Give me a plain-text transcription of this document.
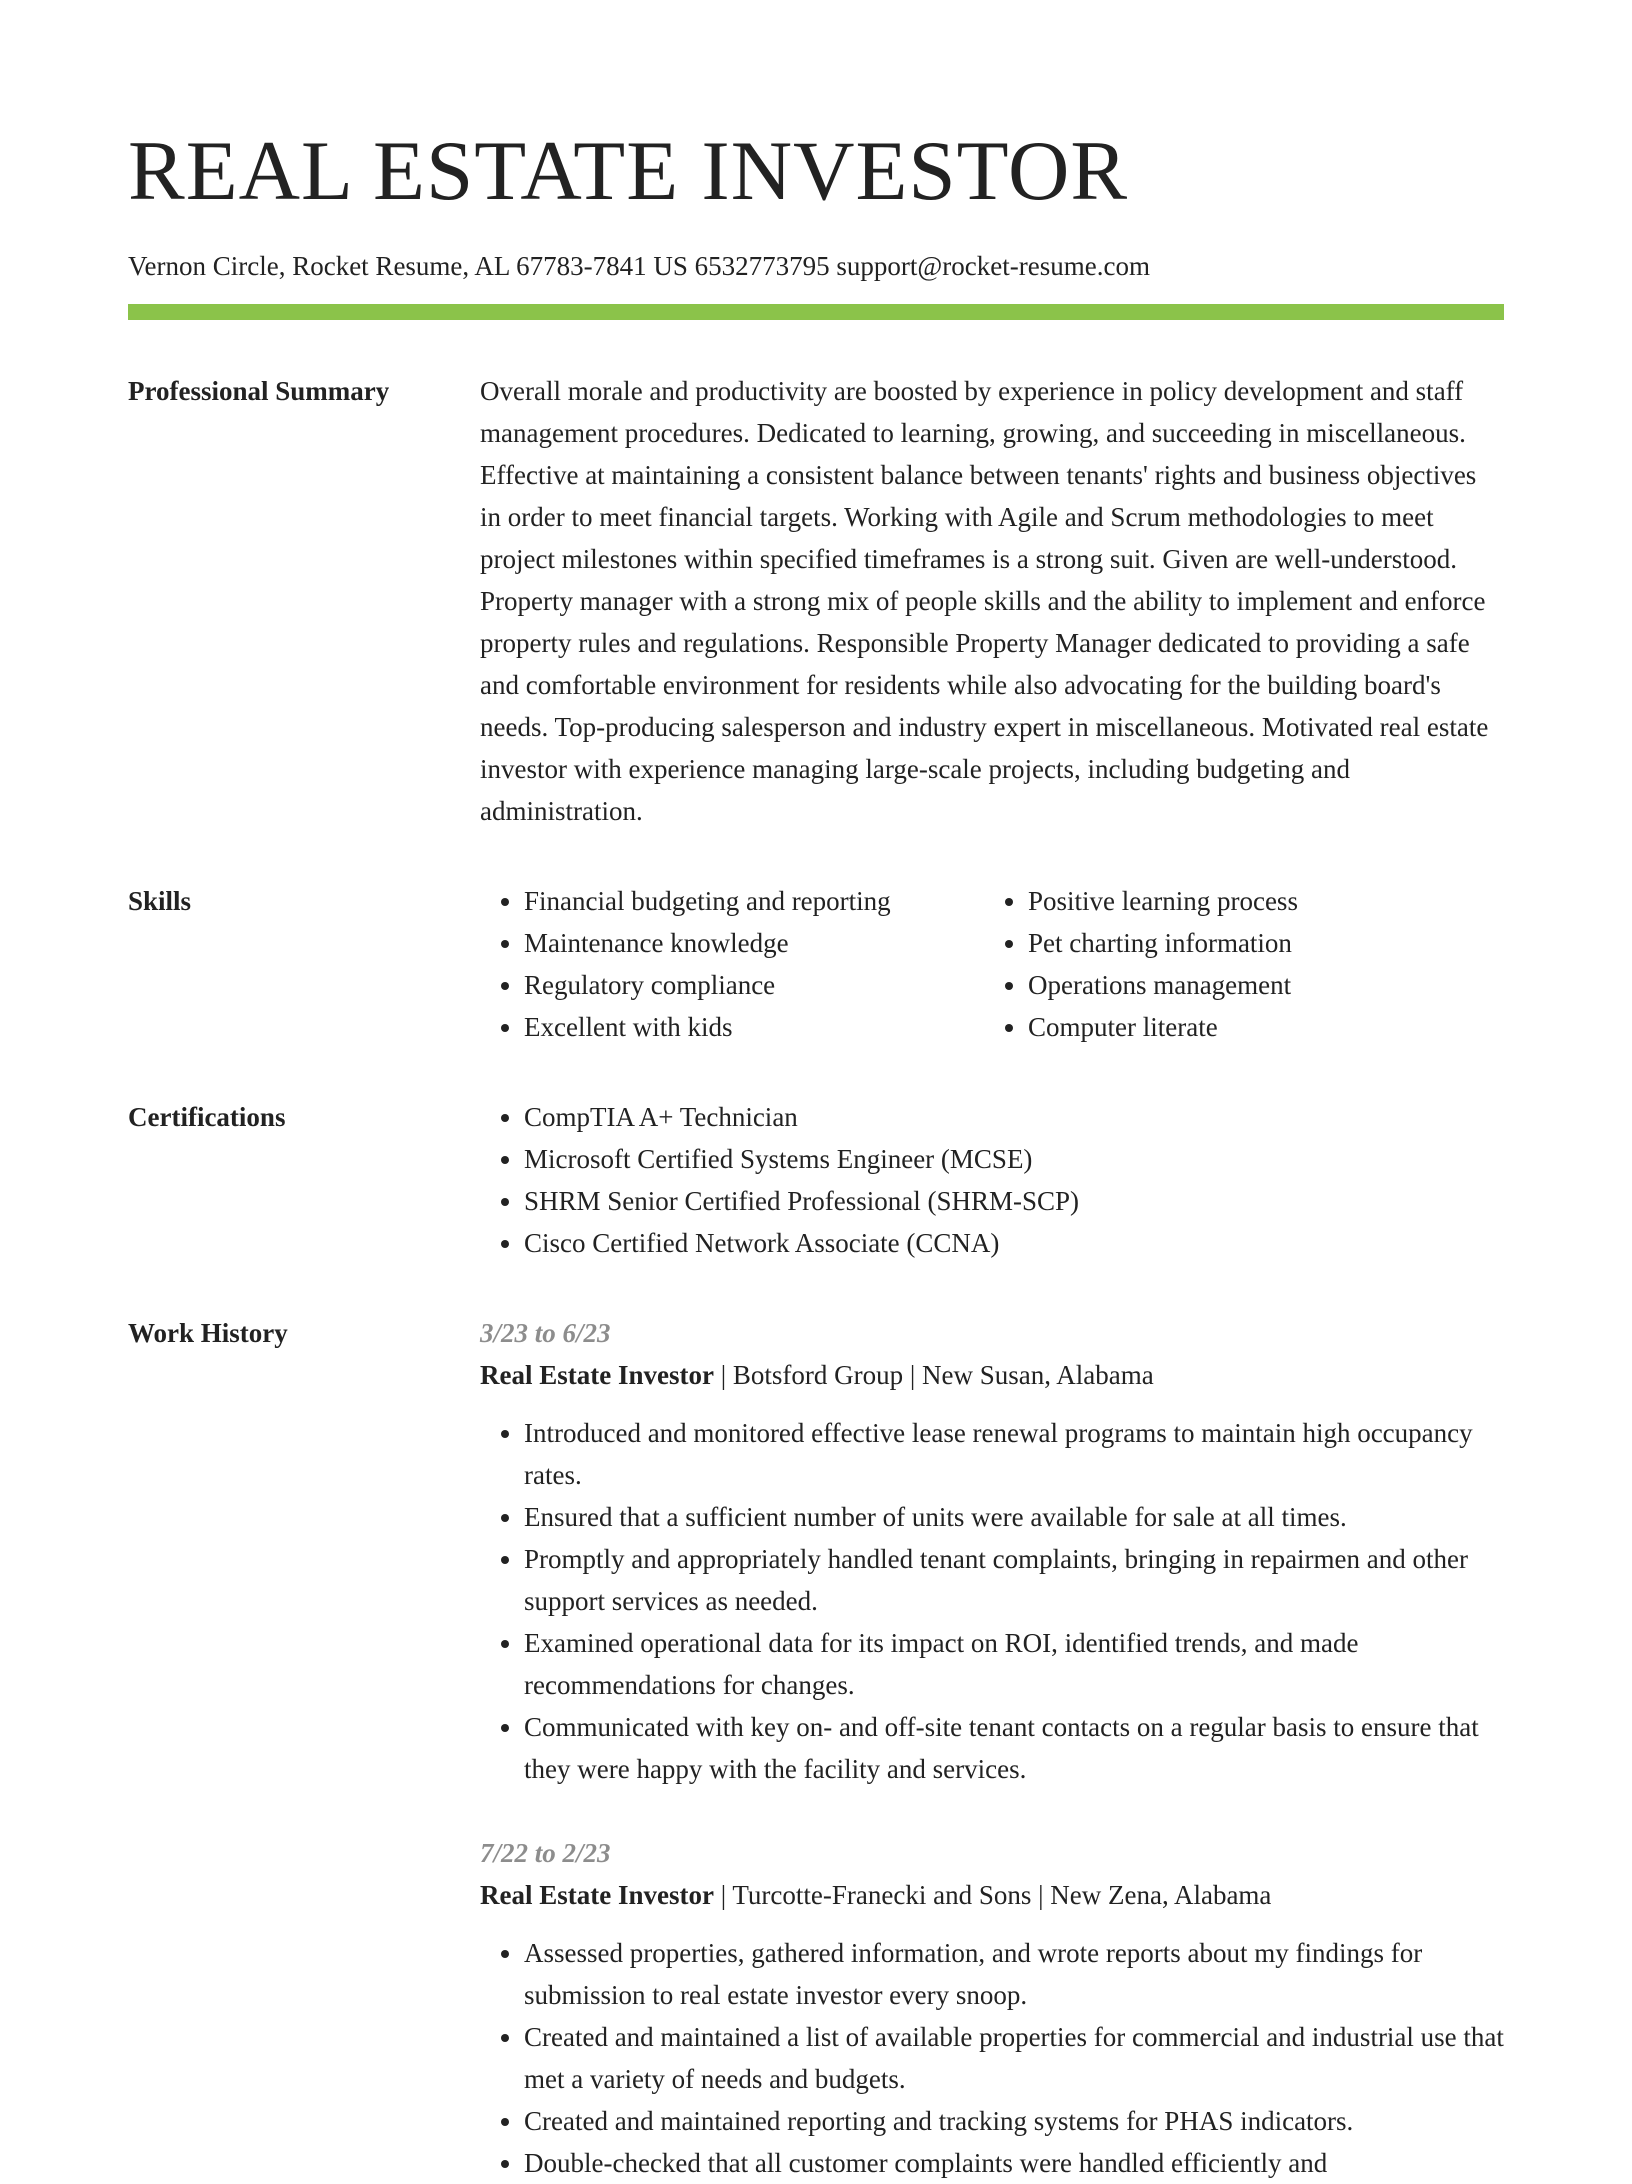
REAL ESTATE INVESTOR
Vernon Circle, Rocket Resume, AL 67783-7841 US 6532773795 support@rocket-resume.com
Professional Summary	Overall morale and productivity are boosted by experience in policy development and staff management procedures. Dedicated to learning, growing, and succeeding in miscellaneous. Effective at maintaining a consistent balance between tenants' rights and business objectives in order to meet financial targets. Working with Agile and Scrum methodologies to meet project milestones within specified timeframes is a strong suit. Given are well-understood. Property manager with a strong mix of people skills and the ability to implement and enforce property rules and regulations. Responsible Property Manager dedicated to providing a safe and comfortable environment for residents while also advocating for the building board's needs. Top-producing salesperson and industry expert in miscellaneous. Motivated real estate investor with experience managing large-scale projects, including budgeting and administration.

Skills	• Financial budgeting and reporting
• Maintenance knowledge
• Regulatory compliance
• Excellent with kids
• Positive learning process
• Pet charting information
• Operations management
• Computer literate
Certifications	• CompTIA A+ Technician
• Microsoft Certified Systems Engineer (MCSE)
• SHRM Senior Certified Professional (SHRM-SCP)
• Cisco Certified Network Associate (CCNA)
Work History	3/23 to 6/23
Real Estate Investor | Botsford Group | New Susan, Alabama
• Introduced and monitored effective lease renewal programs to maintain high occupancy rates.
• Ensured that a sufficient number of units were available for sale at all times.
• Promptly and appropriately handled tenant complaints, bringing in repairmen and other support services as needed.
• Examined operational data for its impact on ROI, identified trends, and made recommendations for changes.
• Communicated with key on- and off-site tenant contacts on a regular basis to ensure that they were happy with the facility and services.
7/22 to 2/23
Real Estate Investor | Turcotte-Franecki and Sons | New Zena, Alabama
• Assessed properties, gathered information, and wrote reports about my findings for submission to real estate investor every snoop.
• Created and maintained a list of available properties for commercial and industrial use that met a variety of needs and budgets.
• Created and maintained reporting and tracking systems for PHAS indicators.
• Double-checked that all customer complaints were handled efficiently and
